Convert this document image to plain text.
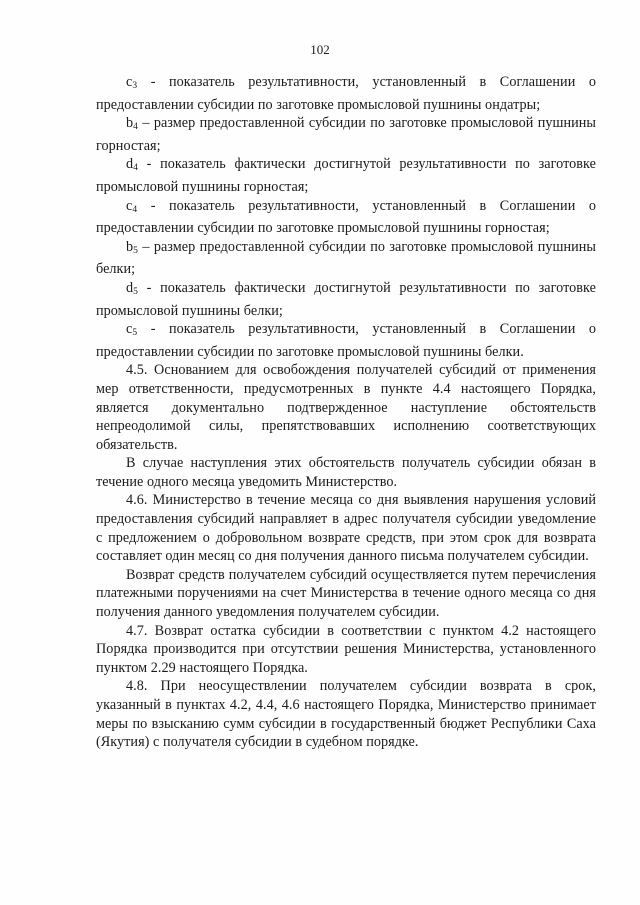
102

$c_3$ - показатель результативности, установленный в Соглашении о предоставлении субсидии по заготовке промысловой пушнины ондатры;

$b_4$ – размер предоставленной субсидии по заготовке промысловой пушнины горностая;

$d_4$ - показатель фактически достигнутой результативности по заготовке промысловой пушнины горностая;

$c_4$ - показатель результативности, установленный в Соглашении о предоставлении субсидии по заготовке промысловой пушнины горностая;

$b_5$ – размер предоставленной субсидии по заготовке промысловой пушнины белки;

$d_5$ - показатель фактически достигнутой результативности по заготовке промысловой пушнины белки;

$c_5$ - показатель результативности, установленный в Соглашении о предоставлении субсидии по заготовке промысловой пушнины белки.

4.5. Основанием для освобождения получателей субсидий от применения мер ответственности, предусмотренных в пункте 4.4 настоящего Порядка, является документально подтвержденное наступление обстоятельств непреодолимой силы, препятствовавших исполнению соответствующих обязательств.

В случае наступления этих обстоятельств получатель субсидии обязан в течение одного месяца уведомить Министерство.

4.6. Министерство в течение месяца со дня выявления нарушения условий предоставления субсидий направляет в адрес получателя субсидии уведомление с предложением о добровольном возврате средств, при этом срок для возврата составляет один месяц со дня получения данного письма получателем субсидии.

Возврат средств получателем субсидий осуществляется путем перечисления платежными поручениями на счет Министерства в течение одного месяца со дня получения данного уведомления получателем субсидии.

4.7. Возврат остатка субсидии в соответствии с пунктом 4.2 настоящего Порядка производится при отсутствии решения Министерства, установленного пунктом 2.29 настоящего Порядка.

4.8. При неосуществлении получателем субсидии возврата в срок, указанный в пунктах 4.2, 4.4, 4.6 настоящего Порядка, Министерство принимает меры по взысканию сумм субсидии в государственный бюджет Республики Саха (Якутия) с получателя субсидии в судебном порядке.
